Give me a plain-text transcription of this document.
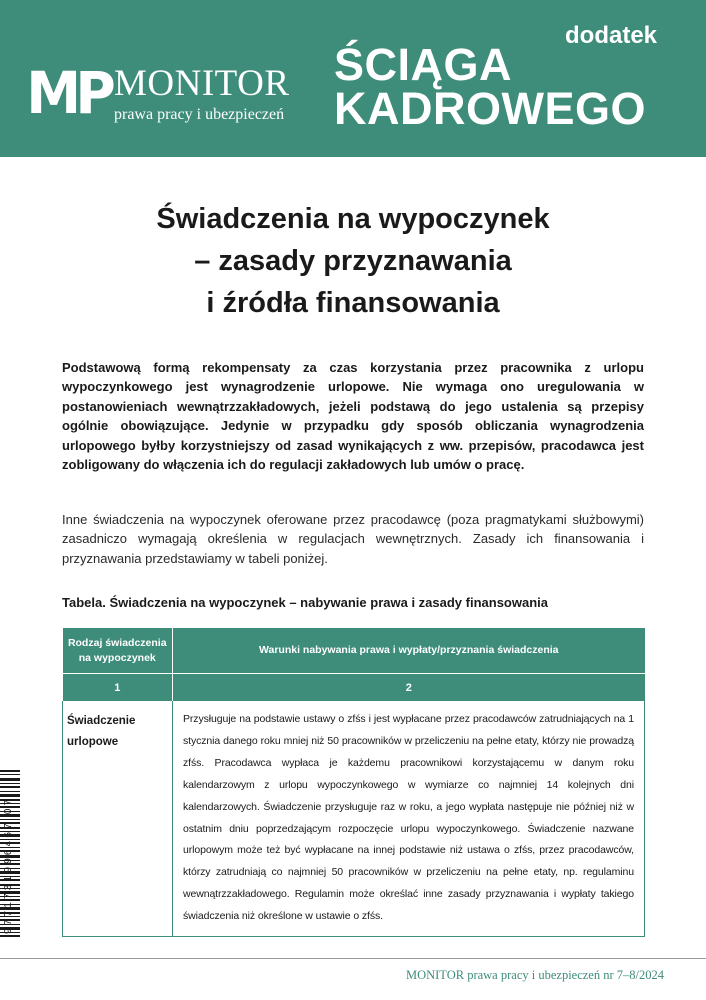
MP MONITOR
prawa pracy i ubezpieczeń
dodatek
ŚCIĄGA
KADROWEGO
Świadczenia na wypoczynek
– zasady przyznawania
i źródła finansowania

Podstawową formą rekompensaty za czas korzystania przez pracownika z urlopu wypoczynkowego jest wynagrodzenie urlopowe. Nie wymaga ono uregulowania w postanowieniach wewnątrzzakładowych, jeżeli podstawą do jego ustalenia są przepisy ogólnie obowiązujące. Jedynie w przypadku gdy sposób obliczania wynagrodzenia urlopowego byłby korzystniejszy od zasad wynikających z ww. przepisów, pracodawca jest zobligowany do włączenia ich do regulacji zakładowych lub umów o pracę.

Inne świadczenia na wypoczynek oferowane przez pracodawcę (poza pragmatykami służbowymi) zasadniczo wymagają określenia w regulacjach wewnętrznych. Zasady ich finansowania i przyznawania przedstawiamy w tabeli poniżej.

Tabela. Świadczenia na wypoczynek – nabywanie prawa i zasady finansowania
Rodzaj świadczenia na wypoczynek	Warunki nabywania prawa i wypłaty/przyznania świadczenia
1	2
Świadczenie urlopowe	Przysługuje na podstawie ustawy o zfśs i jest wypłacane przez pracodawców zatrudniających na 1 stycznia danego roku mniej niż 50 pracowników w przeliczeniu na pełne etaty, którzy nie prowadzą zfśs. Pracodawca wypłaca je każdemu pracownikowi korzystającemu w danym roku kalendarzowym z urlopu wypoczynkowego w wymiarze co najmniej 14 kolejnych dni kalendarzowych. Świadczenie przysługuje raz w roku, a jego wypłata następuje nie później niż w ostatnim dniu poprzedzającym rozpoczęcie urlopu wypoczynkowego. Świadczenie nazwane urlopowym może też być wypłacane na innej podstawie niż ustawa o zfśs, przez pracodawców, którzy zatrudniają co najmniej 50 pracowników w przeliczeniu na pełne etaty, np. regulaminu wewnątrzzakładowego. Regulamin może określać inne zasady przyznawania i wypłaty takiego świadczenia niż określone w ustawie o zfśs.
9771731996467 07
MONITOR prawa pracy i ubezpieczeń nr 7–8/2024
